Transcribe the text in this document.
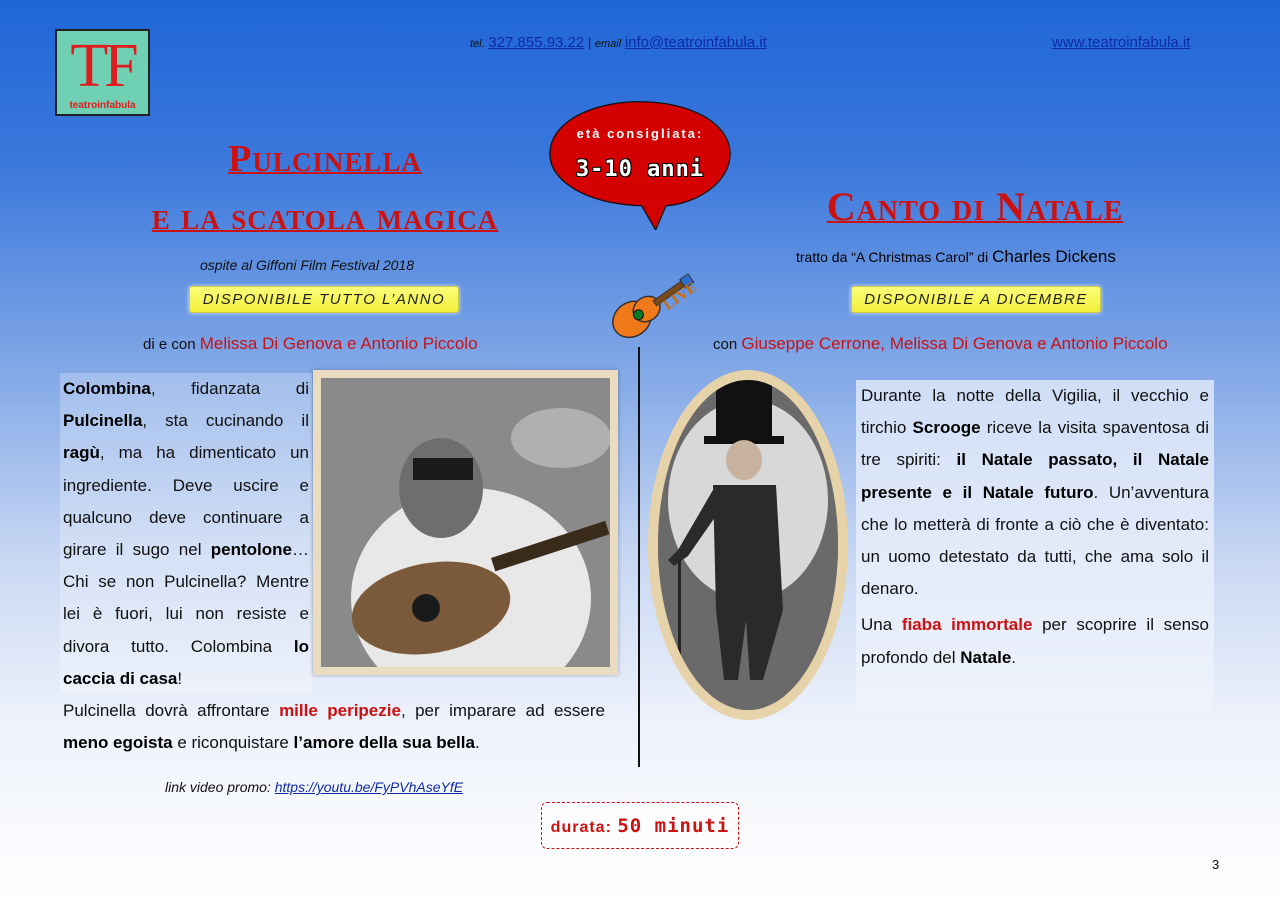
TF
teatroinfabula
tel. 327.855.93.22 | email info@teatroinfabula.it	www.teatroinfabula.it
Pulcinella
e la scatola magica
ospite al Giffoni Film Festival 2018
DISPONIBILE TUTTO L’ANNO
di e con Melissa Di Genova e Antonio Piccolo
età consigliata:
3-10 anni
LIVE
Canto di Natale
tratto da “A Christmas Carol” di Charles Dickens
DISPONIBILE A DICEMBRE
con Giuseppe Cerrone, Melissa Di Genova e Antonio Piccolo
Colombina, fidanzata di Pulcinella, sta cucinando il ragù, ma ha dimenticato un ingrediente. Deve uscire e qualcuno deve continuare a girare il sugo nel pentolone… Chi se non Pulcinella? Mentre lei è fuori, lui non resiste e divora tutto. Colombina lo caccia di casa!
Pulcinella dovrà affrontare mille peripezie, per imparare ad essere meno egoista e riconquistare l’amore della sua bella.
Durante la notte della Vigilia, il vecchio e tirchio Scrooge riceve la visita spaventosa di tre spiriti: il Natale passato, il Natale presente e il Natale futuro. Un’avventura che lo metterà di fronte a ciò che è diventato: un uomo detestato da tutti, che ama solo il denaro.
Una fiaba immortale per scoprire il senso profondo del Natale.
link video promo: https://youtu.be/FyPVhAseYfE
durata: 50 minuti
3
